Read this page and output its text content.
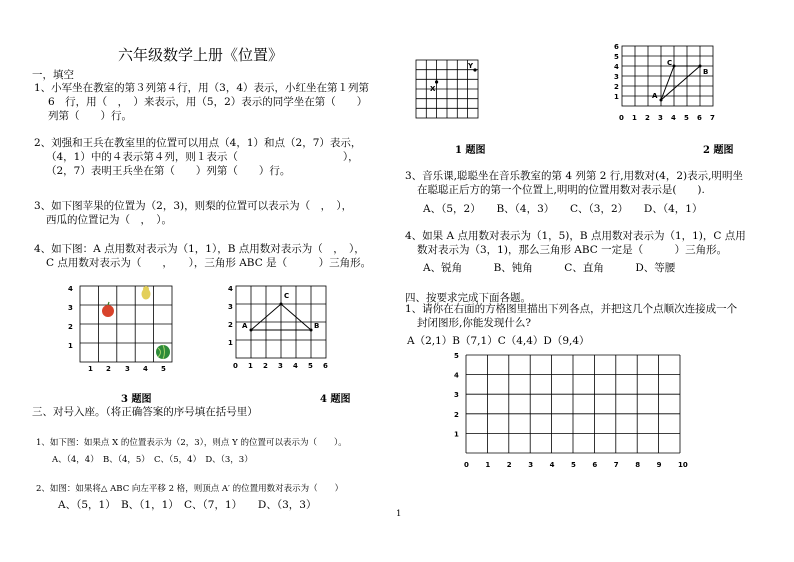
六年级数学上册《位置》
一，填空
1、小军坐在教室的第３列第４行，用（3，4）表示，小红坐在第１列第
6　行，用（　，　）来表示，用（5，2）表示的同学坐在第（　　）
列第（　　）行。
2、刘强和王兵在教室里的位置可以用点（4，1）和点（2，7）表示，
（4，1）中的４表示第４列，则１表示（　　　　　　　　　　），
（2，7）表明王兵坐在第（　　）列第（　　）行。
3、如下图苹果的位置为（2，3)，则梨的位置可以表示为（　，　），
西瓜的位置记为（　，　）。
4、如下图：A 点用数对表示为（1，1），B 点用数对表示为（　，　），
C 点用数对表示为（　　，　　），三角形 ABC 是（　　　）三角形。
4
3
2
1
1 2 3 4 5
A
C
B
4
3
2
1
0 1 2 3 4 5 6
3 题图	4 题图
三、对号入座。（将正确答案的序号填在括号里）
1、如下图：如果点 X 的位置表示为（2，3），则点 Y 的位置可以表示为（　　）。
A、（4，4）　B、（4，5）　C、（5，4）　D、（3，3）
2、如图：如果将△ ABC 向左平移 2 格，则顶点 A′ 的位置用数对表示为（　　）
A、（5，1）　B、（1，1）　C、（7，1）　　D、（3，3）
1
X
Y
A
C
B
6
5
4
3
2
1
0 1 2 3 4 5 6 7
1 题图	2 题图
3、音乐课,聪聪坐在音乐教室的第 4 列第 2 行,用数对(4，2)表示,明明坐
在聪聪正后方的第一个位置上,明明的位置用数对表示是(　　).
A、（5，2）　　B、（4，3）　　C、（3，2）　　D、（4，1）
4、如果 A 点用数对表示为（1，5)，B 点用数对表示为（1，1)，C 点用
数对表示为（3，1)，那么三角形 ABC 一定是（　　　）三角形。
A、锐角　　　B、钝角　　　C、直角　　　D、等腰
四、按要求完成下面各题。
1、请你在右面的方格图里描出下列各点，并把这几个点顺次连接成一个
封闭图形,你能发现什么?
A（2,1）B（7,1）C（4,4）D（9,4）
0 1 2 3 4 5 6 7 8 9 10
1
2
3
4
5
